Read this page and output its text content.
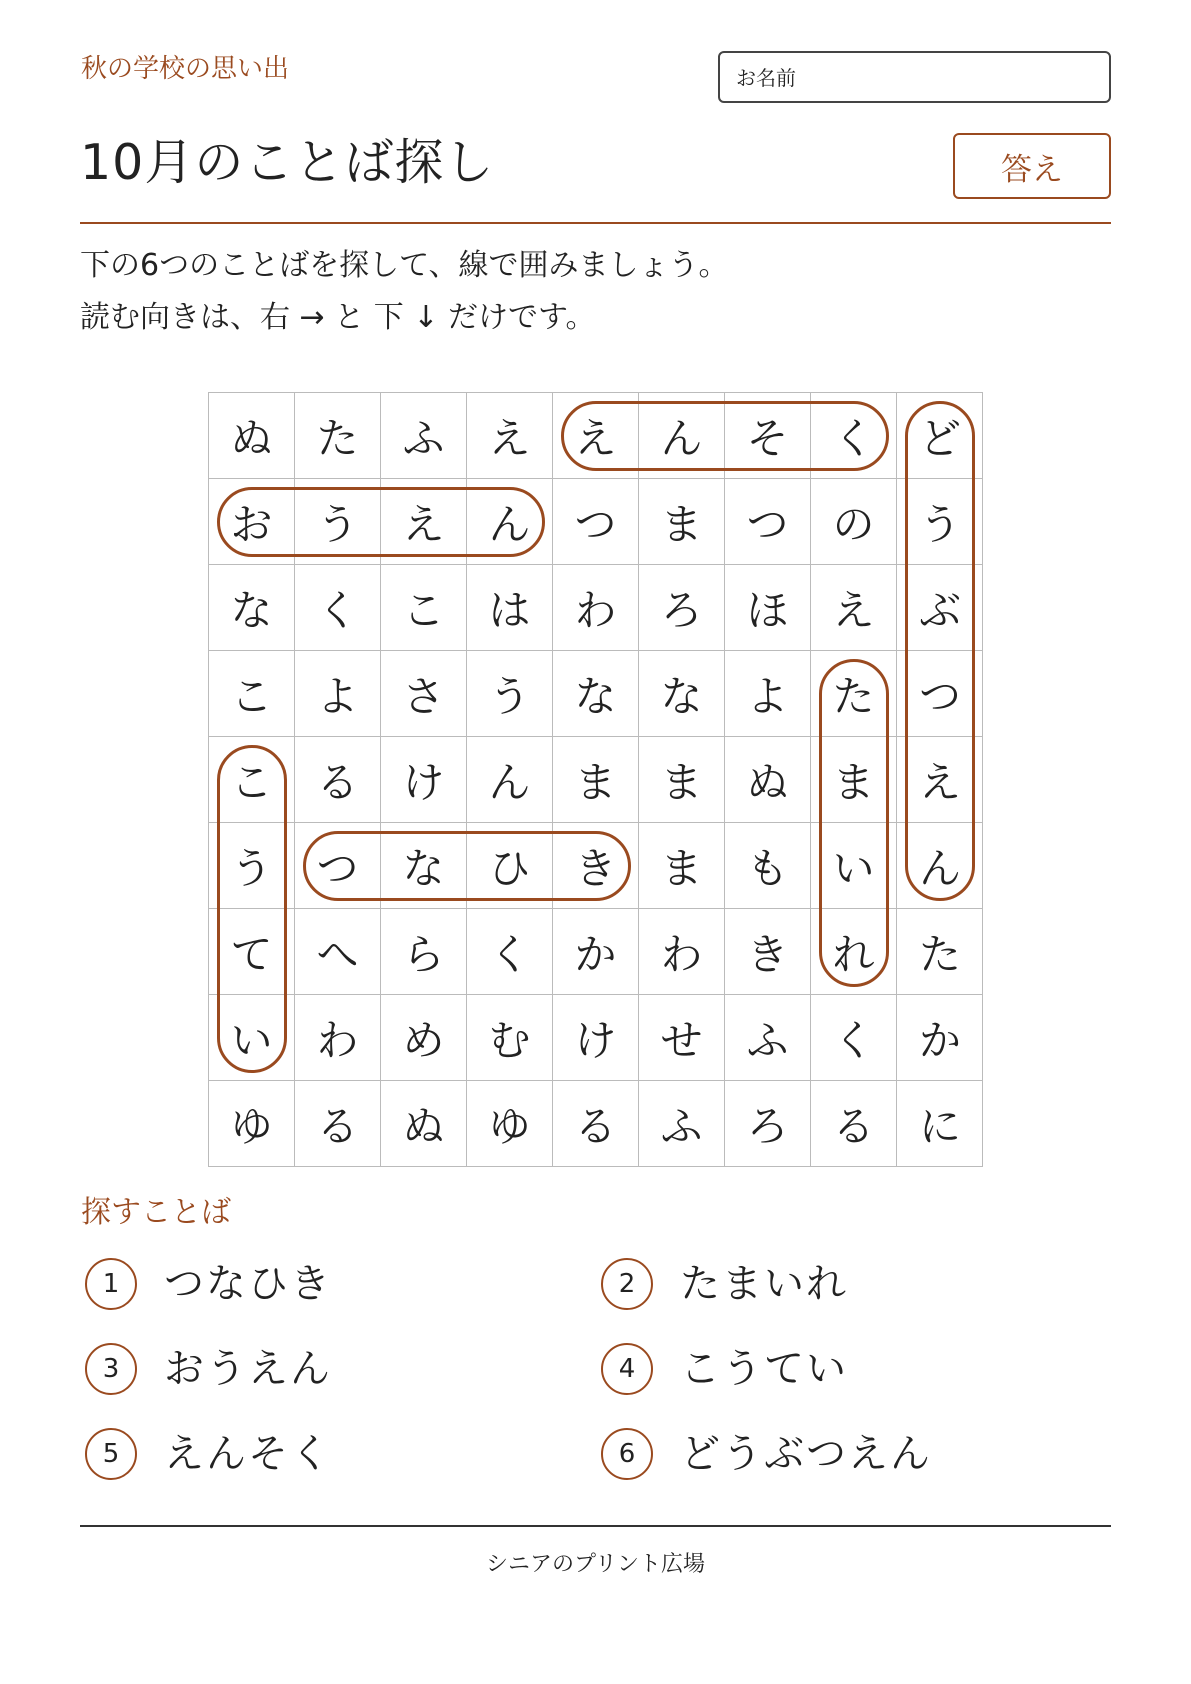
秋の学校の思い出	お名前
10月のことば探し	答え
下の6つのことばを探して、線で囲みましょう。
読む向きは、右 → と 下 ↓ だけです。
ぬ	た	ふ	え	え	ん	そ	く	ど
お	う	え	ん	つ	ま	つ	の	う
な	く	こ	は	わ	ろ	ほ	え	ぶ
こ	よ	さ	う	な	な	よ	た	つ
こ	る	け	ん	ま	ま	ぬ	ま	え
う	つ	な	ひ	き	ま	も	い	ん
て	へ	ら	く	か	わ	き	れ	た
い	わ	め	む	け	せ	ふ	く	か
ゆ	る	ぬ	ゆ	る	ふ	ろ	る	に
探すことば
1	つなひき	2	たまいれ
3	おうえん	4	こうてい
5	えんそく	6	どうぶつえん
シニアのプリント広場
